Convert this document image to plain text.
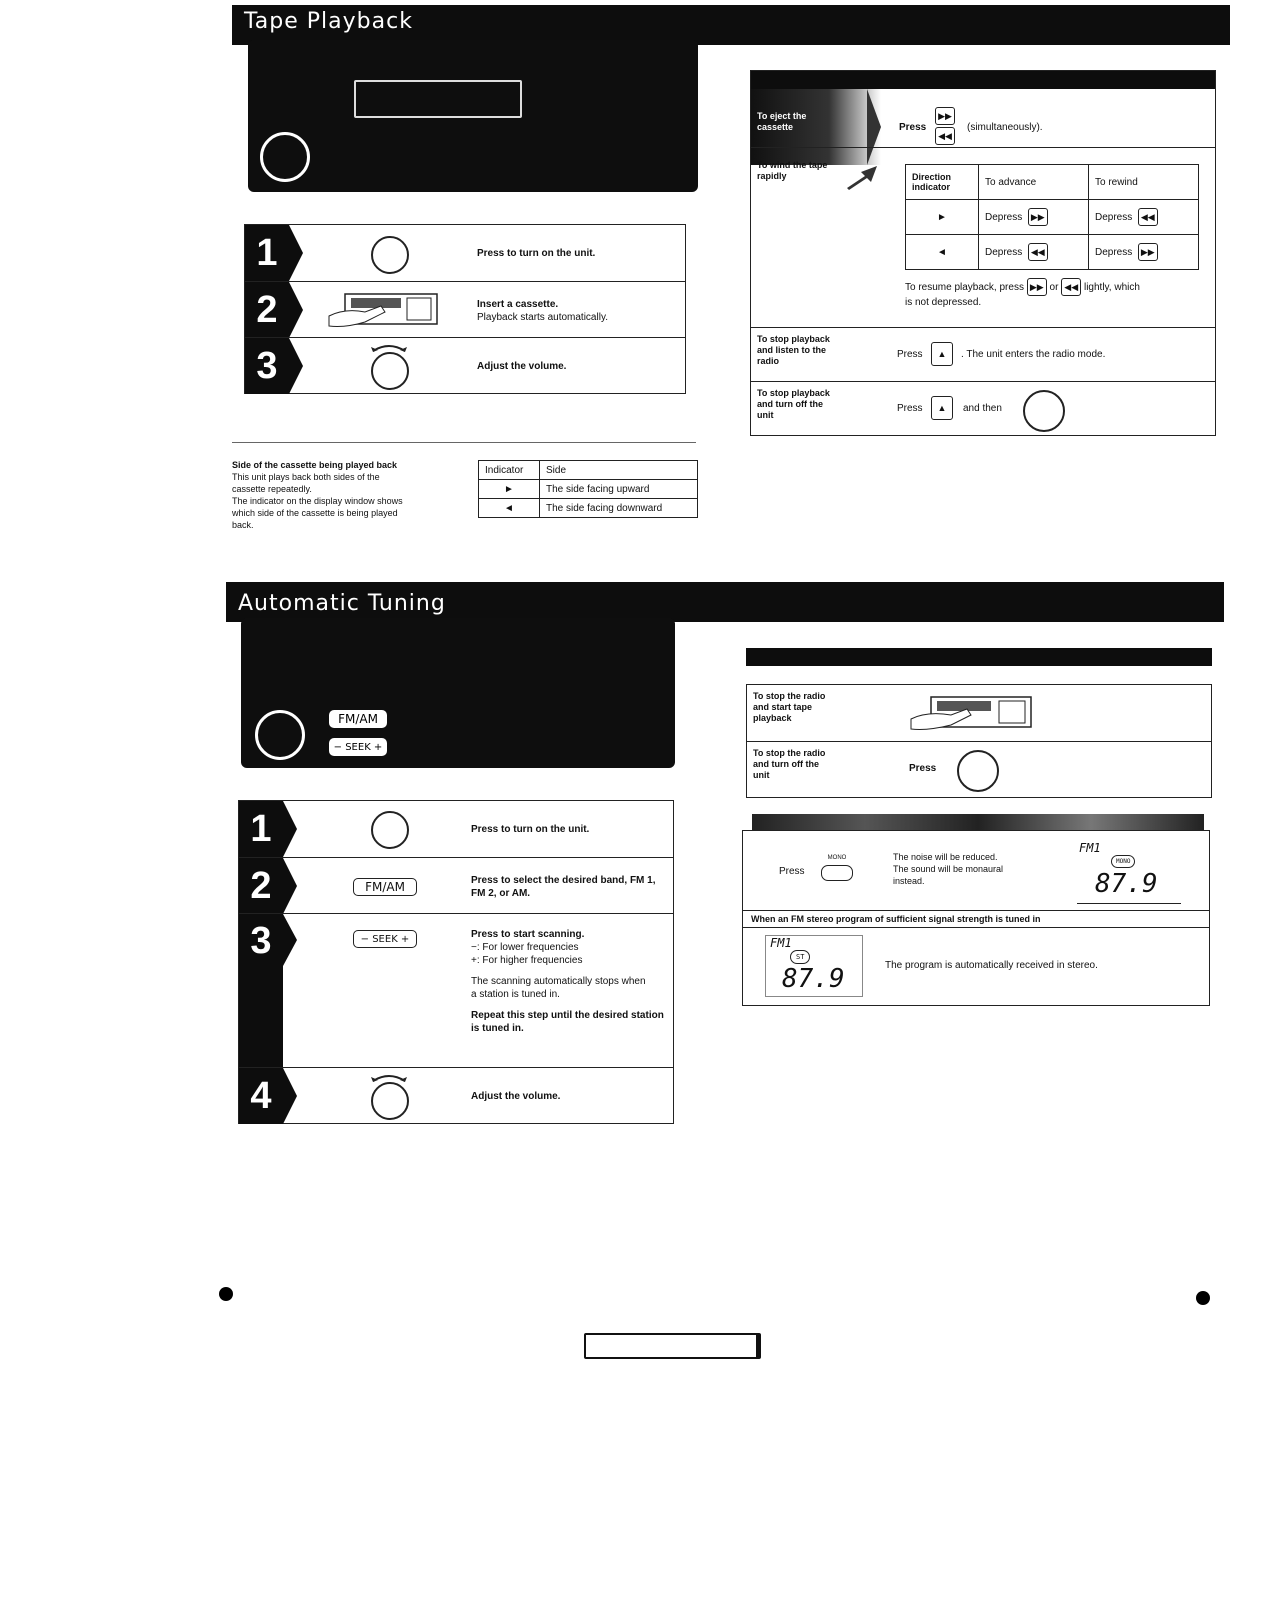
Tape Playback
1	Press to turn on the unit.
2	Insert a cassette.
Playback starts automatically.
3	Adjust the volume.
Side of the cassette being played back
This unit plays back both sides of the
cassette repeatedly.
The indicator on the display window shows
which side of the cassette is being played
back.
Indicator	Side
►	The side facing upward
◄	The side facing downward
To eject the
cassette	Press
▶▶
◀◀
(simultaneously).
To wind the tape
rapidly	Direction indicator	To advance	To rewind
►	Depress ▶▶	Depress ◀◀
◄	Depress ◀◀	Depress ▶▶
To resume playback, press ▶▶ or ◀◀ lightly, which
is not depressed.
To stop playback
and listen to the
radio
Press	▲	. The unit enters the radio mode.
To stop playback
and turn off the
unit
Press	▲	and then
Automatic Tuning
FM/AM
− SEEK +
1	Press to turn on the unit.
2	FM/AM	Press to select the desired band, FM 1,
FM 2, or AM.
3	− SEEK +	Press to start scanning.
−: For lower frequencies
+: For higher frequencies

The scanning automatically stops when
a station is tuned in.

Repeat this step until the desired station
is tuned in.
4	Adjust the volume.
To stop the radio
and start tape
playback
To stop the radio
and turn off the
unit
Press
Press
MONO	The noise will be reduced.
The sound will be monaural
instead.
FM1
MONO
87.9
When an FM stereo program of sufficient signal strength is tuned in
FM1
ST
87.9	The program is automatically received in stereo.
